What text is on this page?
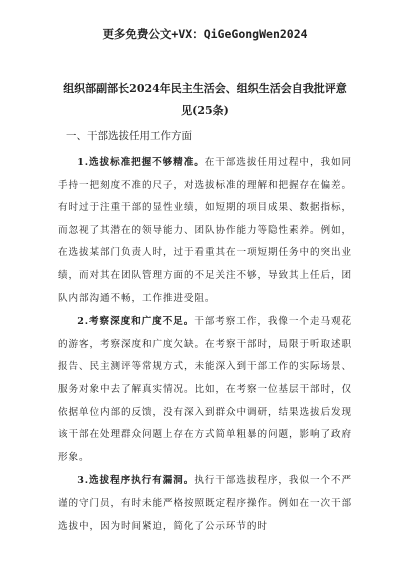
更多免费公文+VX：QiGeGongWen2024
组织部副部长2024年民主生活会、组织生活会自我批评意见(25条)
一、干部选拔任用工作方面

1.选拔标准把握不够精准。在干部选拔任用过程中，我如同手持一把刻度不准的尺子，对选拔标准的理解和把握存在偏差。有时过于注重干部的显性业绩，如短期的项目成果、数据指标，而忽视了其潜在的领导能力、团队协作能力等隐性素养。例如，在选拔某部门负责人时，过于看重其在一项短期任务中的突出业绩，而对其在团队管理方面的不足关注不够，导致其上任后，团队内部沟通不畅，工作推进受阻。

2.考察深度和广度不足。干部考察工作，我像一个走马观花的游客，考察深度和广度欠缺。在考察干部时，局限于听取述职报告、民主测评等常规方式，未能深入到干部工作的实际场景、服务对象中去了解真实情况。比如，在考察一位基层干部时，仅依据单位内部的反馈，没有深入到群众中调研，结果选拔后发现该干部在处理群众问题上存在方式简单粗暴的问题，影响了政府形象。

3.选拔程序执行有漏洞。执行干部选拔程序，我似一个不严谨的守门员，有时未能严格按照既定程序操作。例如在一次干部选拔中，因为时间紧迫，简化了公示环节的时
